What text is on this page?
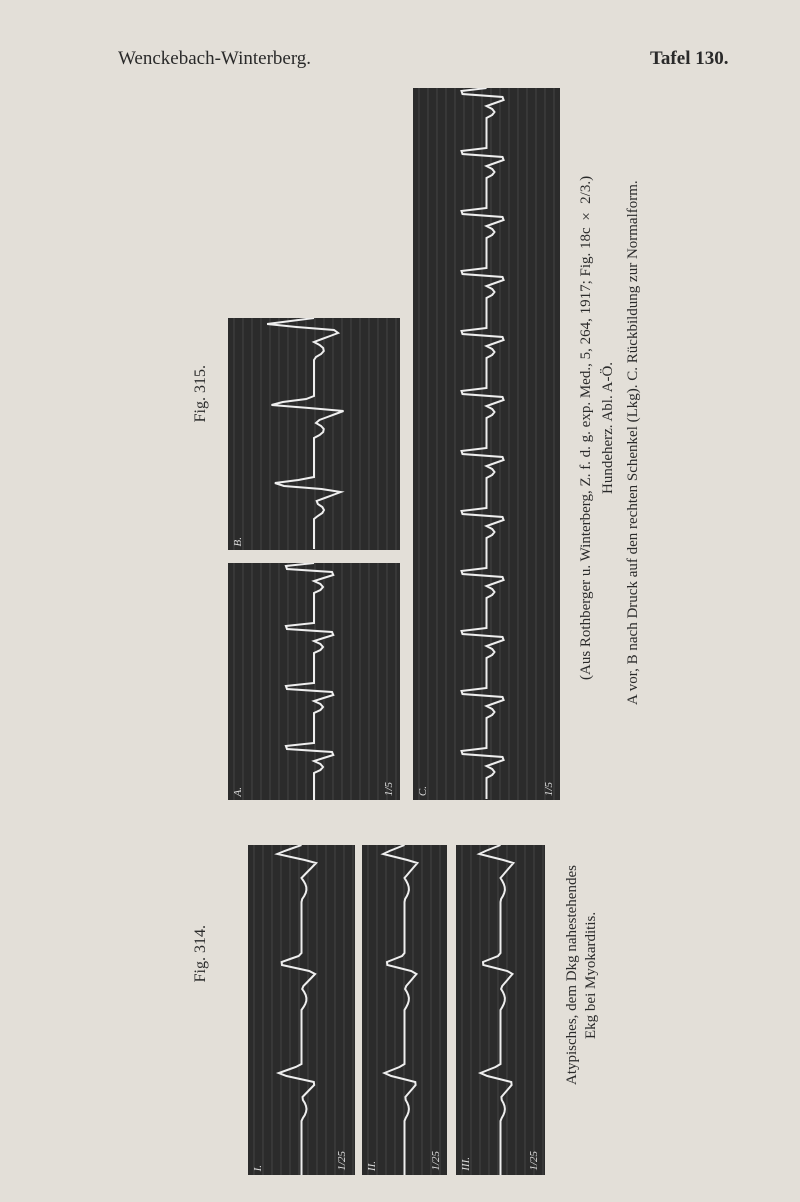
Wenckebach-Winterberg.	Tafel 130.
Fig. 315.
Fig. 314.
B.
A.	1/5 C.	1/5
I.	1/25 II.	1/25 III.	1/25
(Aus Rothberger u. Winterberg, Z. f. d. g. exp. Med., 5, 264, 1917; Fig. 18c × 2/3.) Hundeherz. Abl. A-Ö. A vor, B nach Druck auf den rechten Schenkel (Lkg). C. Rückbildung zur Normalform.
Atypisches, dem Dkg nahestehendes Ekg bei Myokarditis.
